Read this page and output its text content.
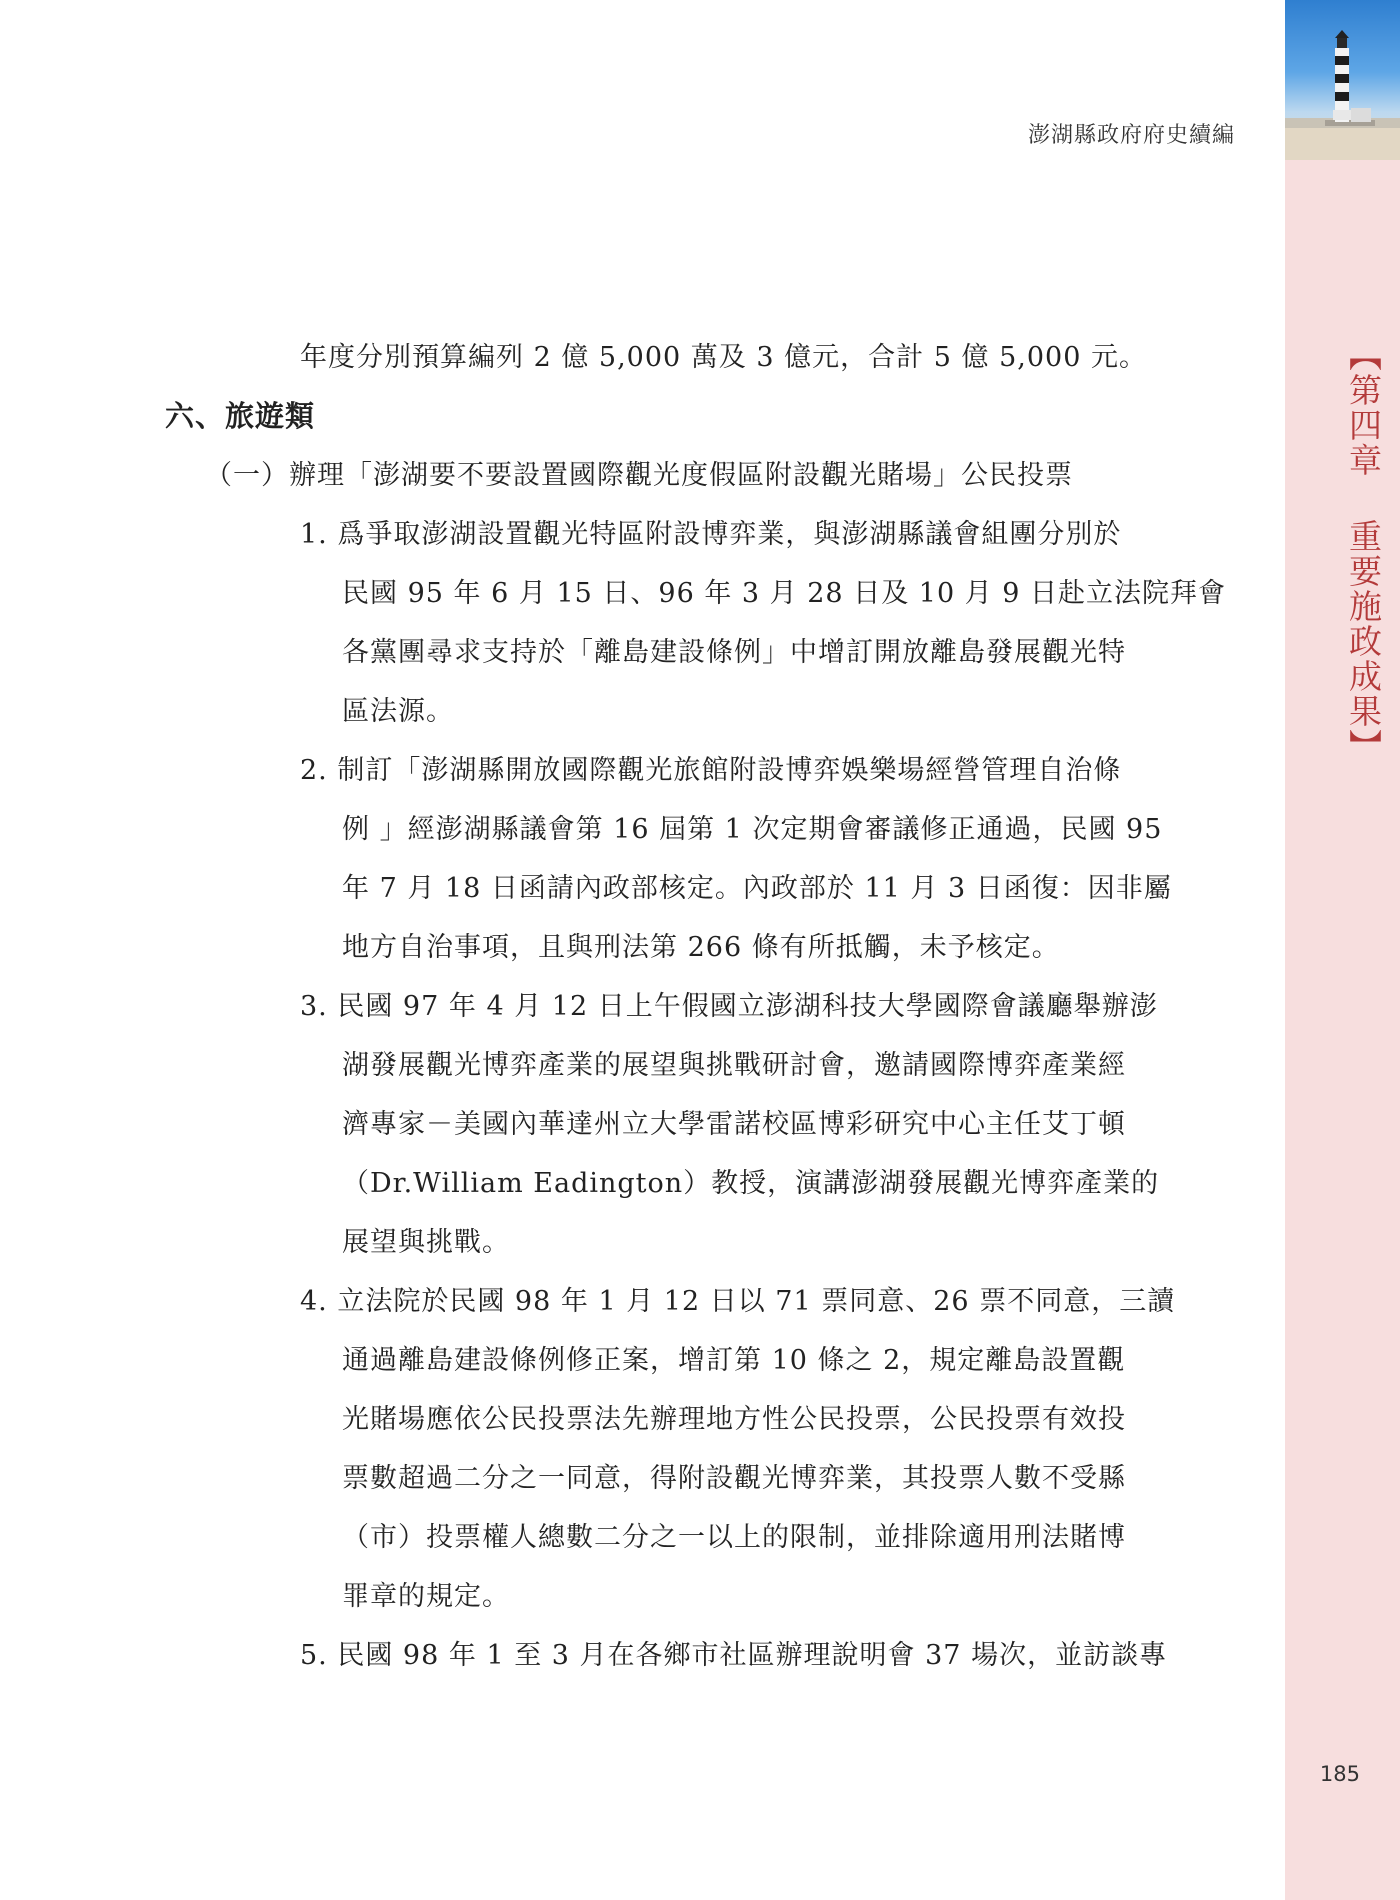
澎湖縣政府府史續編
【第四章 重要施政成果】
年度分別預算編列 2 億 5,000 萬及 3 億元，合計 5 億 5,000 元。
六、旅遊類
（一）辦理「澎湖要不要設置國際觀光度假區附設觀光賭場」公民投票
1. 爲爭取澎湖設置觀光特區附設博弈業，與澎湖縣議會組團分別於
民國 95 年 6 月 15 日、96 年 3 月 28 日及 10 月 9 日赴立法院拜會
各黨團尋求支持於「離島建設條例」中增訂開放離島發展觀光特
區法源。
2. 制訂「澎湖縣開放國際觀光旅館附設博弈娛樂場經營管理自治條
例 」經澎湖縣議會第 16 屆第 1 次定期會審議修正通過，民國 95
年 7 月 18 日函請內政部核定。內政部於 11 月 3 日函復：因非屬
地方自治事項，且與刑法第 266 條有所抵觸，未予核定。
3. 民國 97 年 4 月 12 日上午假國立澎湖科技大學國際會議廳舉辦澎
湖發展觀光博弈產業的展望與挑戰研討會，邀請國際博弈產業經
濟專家－美國內華達州立大學雷諾校區博彩研究中心主任艾丁頓
（Dr.William Eadington）教授，演講澎湖發展觀光博弈產業的
展望與挑戰。
4. 立法院於民國 98 年 1 月 12 日以 71 票同意、26 票不同意，三讀
通過離島建設條例修正案，增訂第 10 條之 2，規定離島設置觀
光賭場應依公民投票法先辦理地方性公民投票，公民投票有效投
票數超過二分之一同意，得附設觀光博弈業，其投票人數不受縣
（市）投票權人總數二分之一以上的限制，並排除適用刑法賭博
罪章的規定。
5. 民國 98 年 1 至 3 月在各鄉市社區辦理說明會 37 場次，並訪談專
185
